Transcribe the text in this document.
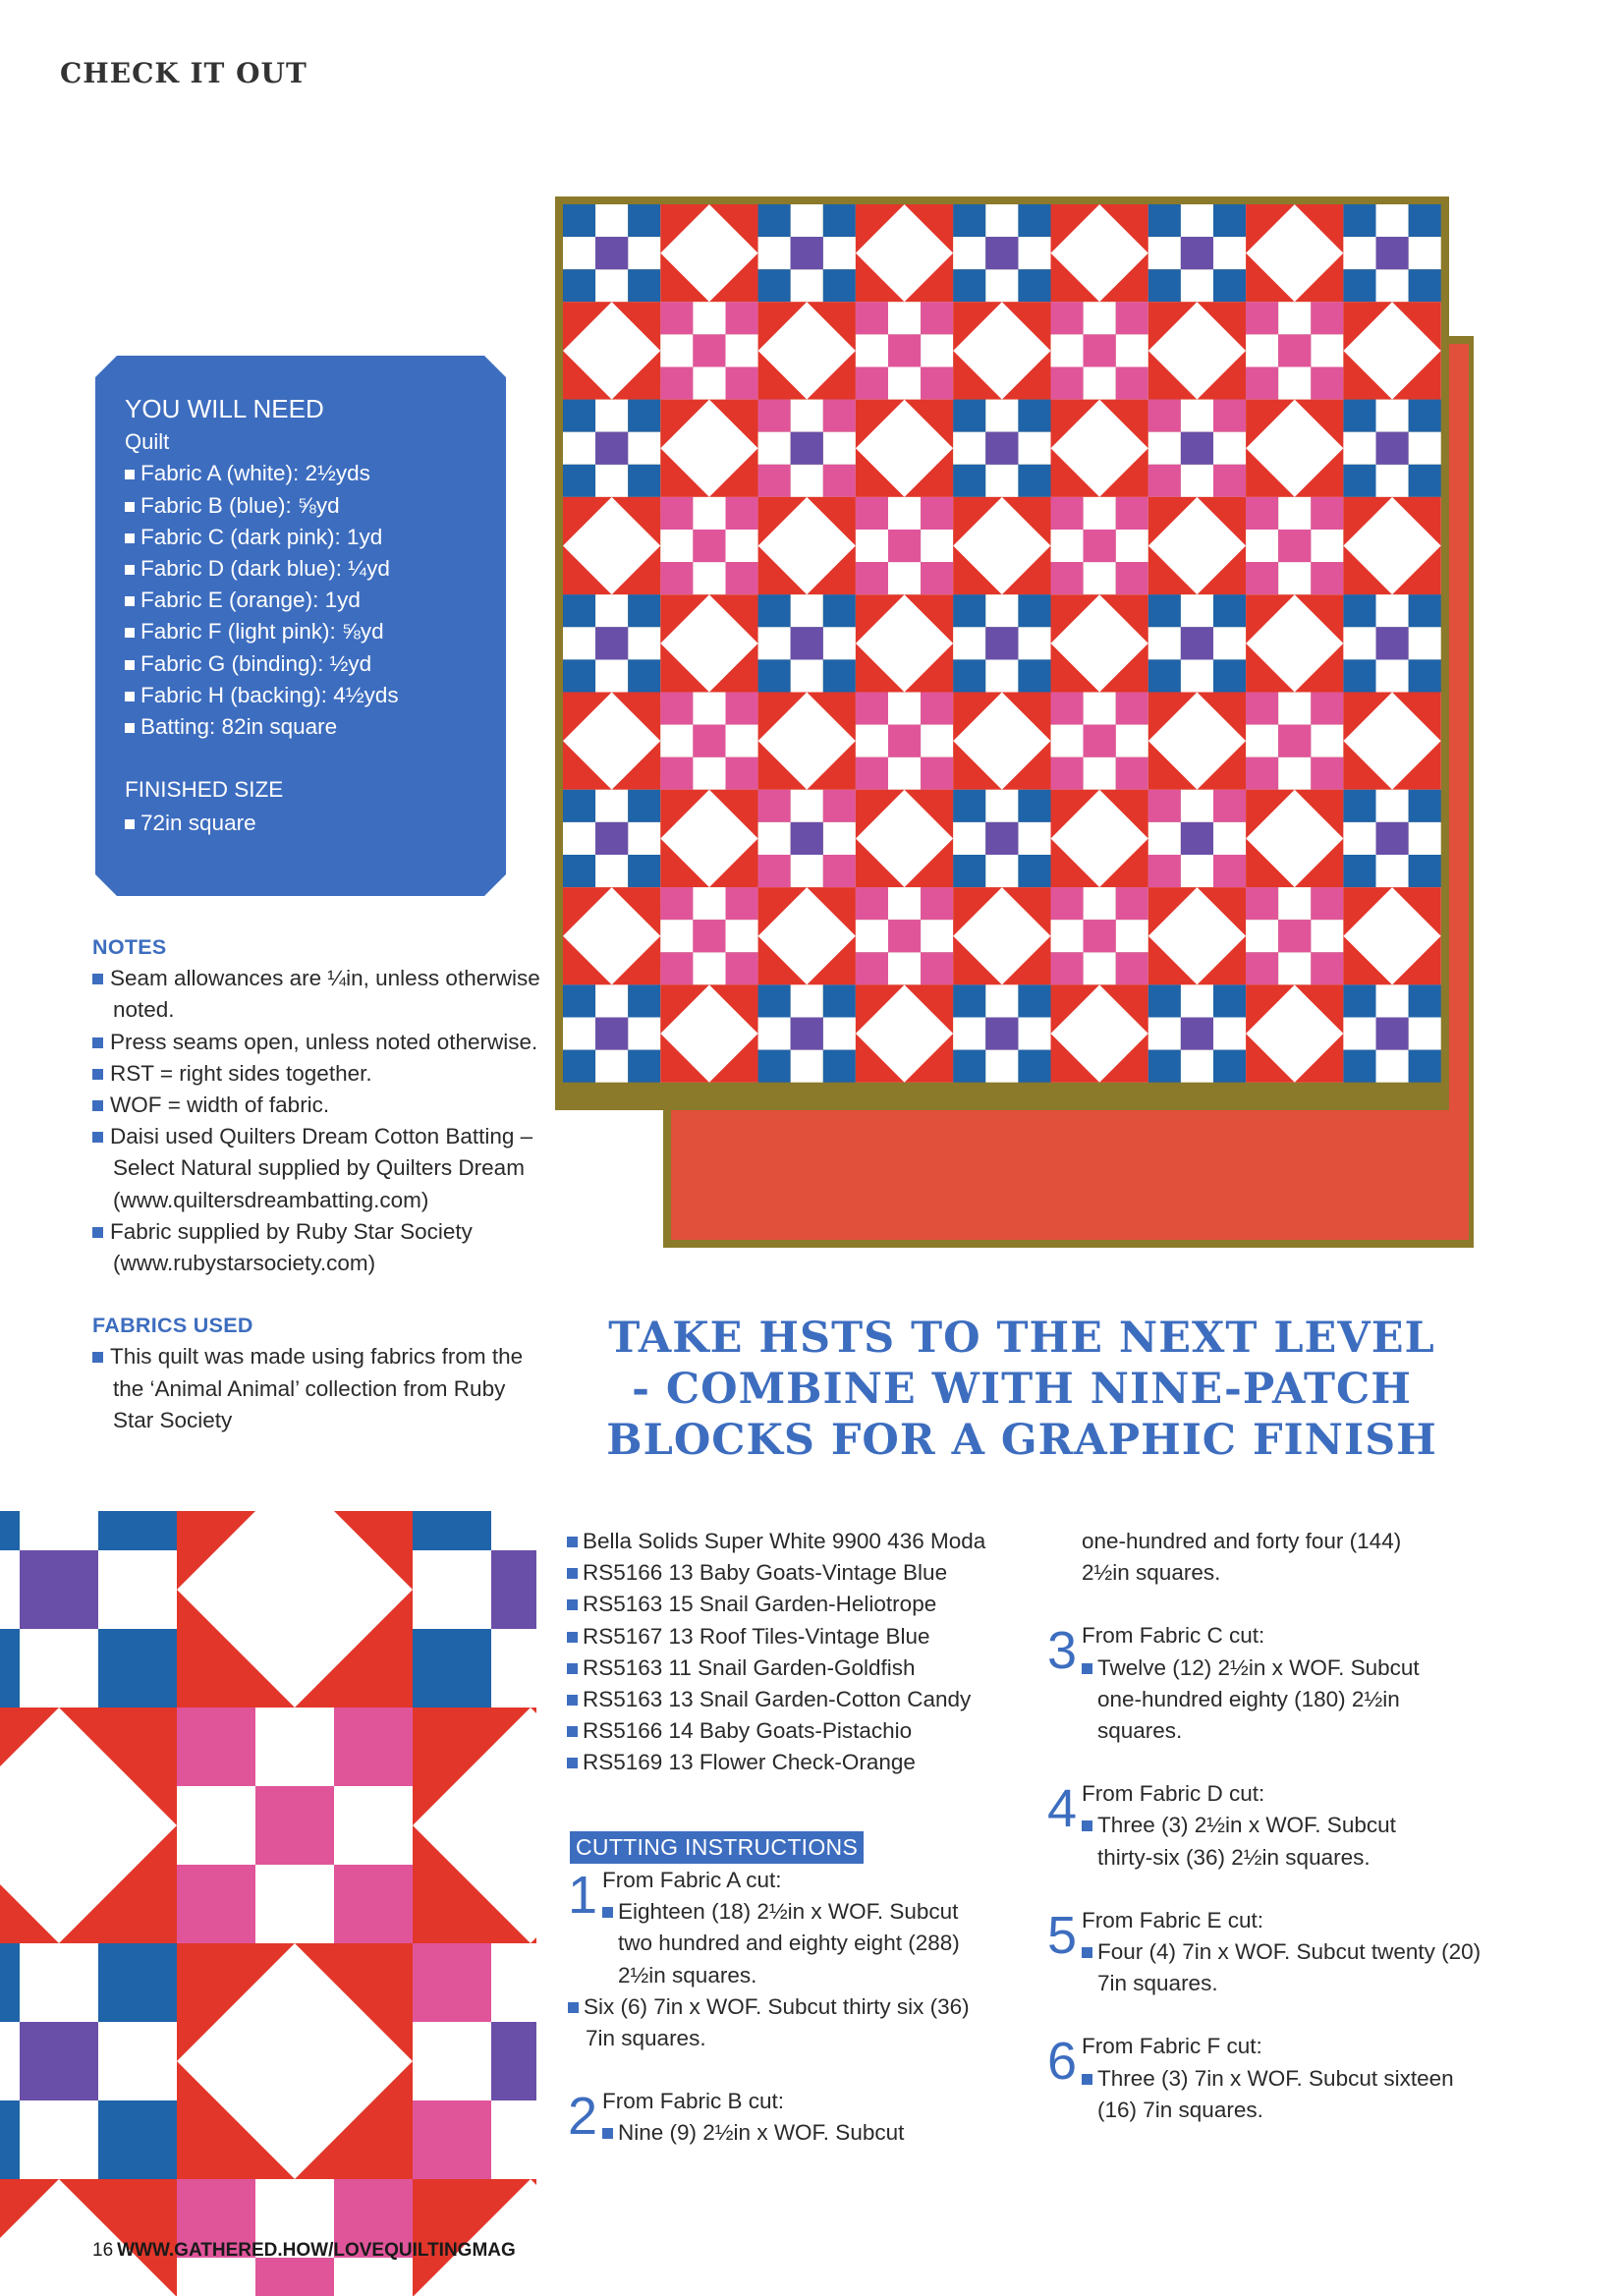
CHECK IT OUT
YOU WILL NEED
Quilt
Fabric A (white): 2½yds
Fabric B (blue): ⅝yd
Fabric C (dark pink): 1yd
Fabric D (dark blue): ¼yd
Fabric E (orange): 1yd
Fabric F (light pink): ⅝yd
Fabric G (binding): ½yd
Fabric H (backing): 4½yds
Batting: 82in square
FINISHED SIZE
72in square
NOTES
Seam allowances are ¼in, unless otherwise noted.
Press seams open, unless noted otherwise.
RST = right sides together.
WOF = width of fabric.
Daisi used Quilters Dream Cotton Batting – Select Natural supplied by Quilters Dream (www.quiltersdreambatting.com)
Fabric supplied by Ruby Star Society (www.rubystarsociety.com)
FABRICS USED
This quilt was made using fabrics from the the ‘Animal Animal’ collection from Ruby Star Society
TAKE HSTS TO THE NEXT LEVEL
- COMBINE WITH NINE-PATCH
BLOCKS FOR A GRAPHIC FINISH
Bella Solids Super White 9900 436 Moda
RS5166 13 Baby Goats-Vintage Blue
RS5163 15 Snail Garden-Heliotrope
RS5167 13 Roof Tiles-Vintage Blue
RS5163 11 Snail Garden-Goldfish
RS5163 13 Snail Garden-Cotton Candy
RS5166 14 Baby Goats-Pistachio
RS5169 13 Flower Check-Orange
CUTTING INSTRUCTIONS
1 From Fabric A cut:
Eighteen (18) 2½in x WOF. Subcut
two hundred and eighty eight (288)
2½in squares.
Six (6) 7in x WOF. Subcut thirty six (36)
7in squares.
2 From Fabric B cut:
Nine (9) 2½in x WOF. Subcut
one-hundred and forty four (144)
2½in squares.
3 From Fabric C cut:
Twelve (12) 2½in x WOF. Subcut
one-hundred eighty (180) 2½in
squares.
4 From Fabric D cut:
Three (3) 2½in x WOF. Subcut
thirty-six (36) 2½in squares.
5 From Fabric E cut:
Four (4) 7in x WOF. Subcut twenty (20)
7in squares.
6 From Fabric F cut:
Three (3) 7in x WOF. Subcut sixteen
(16) 7in squares.
16 WWW.GATHERED.HOW/LOVEQUILTINGMAG
